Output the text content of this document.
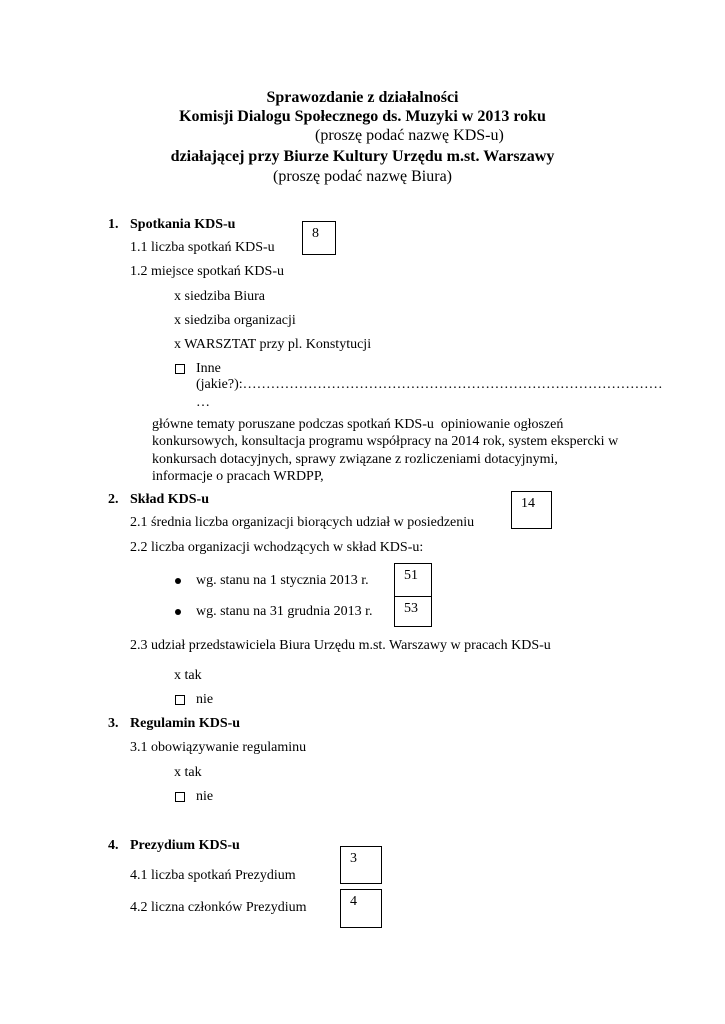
Sprawozdanie z działalności
Komisji Dialogu Społecznego ds. Muzyki w 2013 roku
(proszę podać nazwę KDS-u)
działającej przy Biurze Kultury Urzędu m.st. Warszawy
(proszę podać nazwę Biura)
1. Spotkania KDS-u
8
1.1 liczba spotkań KDS-u
1.2 miejsce spotkań KDS-u
x siedziba Biura
x siedziba organizacji
x WARSZTAT przy pl. Konstytucji
Inne
(jakie?):………………………………………………………………………………
…
główne tematy poruszane podczas spotkań KDS-u  opiniowanie ogłoszeń
konkursowych, konsultacja programu współpracy na 2014 rok, system ekspercki w
konkursach dotacyjnych, sprawy związane z rozliczeniami dotacyjnymi,
informacje o pracach WRDPP,
2. Skład KDS-u	14
2.1 średnia liczba organizacji biorących udział w posiedzeniu
2.2 liczba organizacji wchodzących w skład KDS-u:
wg. stanu na 1 stycznia 2013 r.
wg. stanu na 31 grudnia 2013 r.
51
53
2.3 udział przedstawiciela Biura Urzędu m.st. Warszawy w pracach KDS-u
x tak
nie
3. Regulamin KDS-u
3.1 obowiązywanie regulaminu
x tak
nie
4. Prezydium KDS-u
3
4.1 liczba spotkań Prezydium
4
4.2 liczna członków Prezydium
